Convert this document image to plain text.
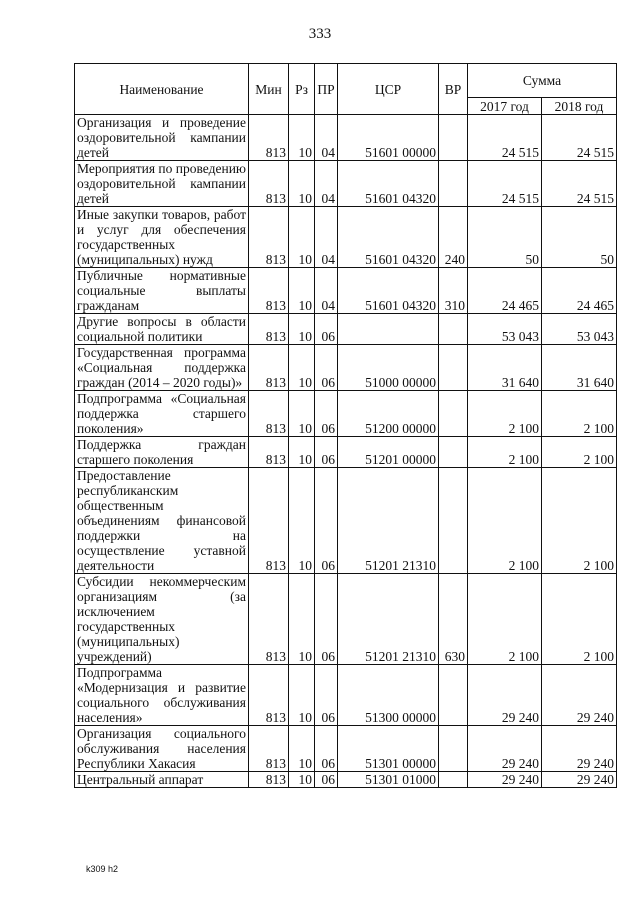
333
Наименование	Мин	Рз	ПР	ЦСР	ВР	Сумма	
						2017 год	2018 год
Организация и проведение оздоровительной кампании детей	813	10	04	51601 00000		24 515	24 515
Мероприятия по проведению оздоровительной кампании детей	813	10	04	51601 04320		24 515	24 515
Иные закупки товаров, работ и услуг для обеспечения государственных (муниципальных) нужд	813	10	04	51601 04320	240	50	50
Публичные нормативные социальные выплаты гражданам	813	10	04	51601 04320	310	24 465	24 465
Другие вопросы в области социальной политики	813	10	06			53 043	53 043
Государственная программа «Социальная поддержка граждан (2014 – 2020 годы)»	813	10	06	51000 00000		31 640	31 640
Подпрограмма «Социальная поддержка старшего поколения»	813	10	06	51200 00000		2 100	2 100
Поддержка граждан старшего поколения	813	10	06	51201 00000		2 100	2 100
Предоставление республиканским общественным объединениям финансовой поддержки на осуществление уставной деятельности	813	10	06	51201 21310		2 100	2 100
Субсидии некоммерческим организациям (за исключением государственных (муниципальных) учреждений)	813	10	06	51201 21310	630	2 100	2 100
Подпрограмма «Модернизация и развитие социального обслуживания населения»	813	10	06	51300 00000		29 240	29 240
Организация социального обслуживания населения Республики Хакасия	813	10	06	51301 00000		29 240	29 240
Центральный аппарат	813	10	06	51301 01000		29 240	29 240
k309 h2
